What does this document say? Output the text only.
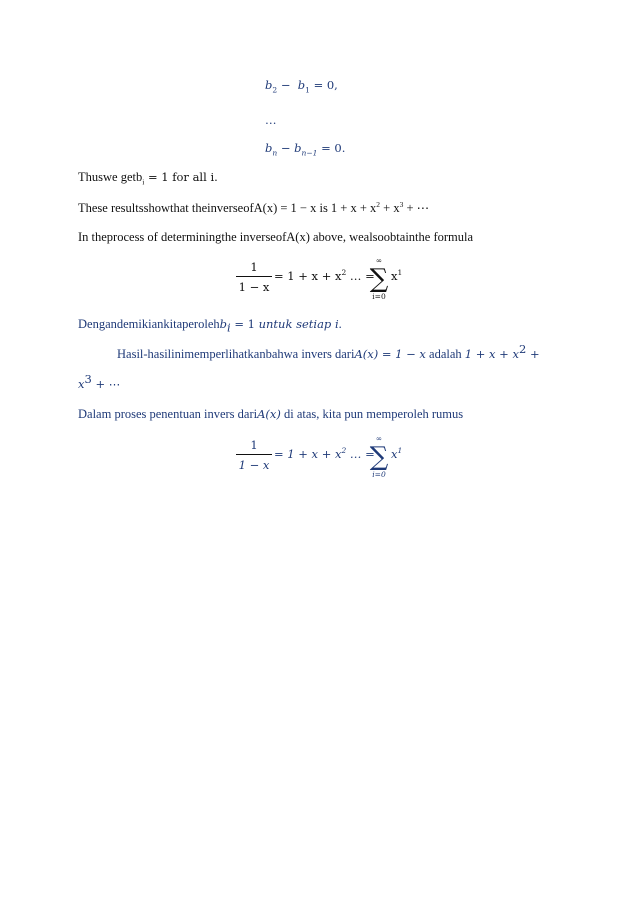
$b_2 - b_1 = 0$,
…
$b_n - b_{n-1} = 0$.
Thuswe getb$_i$ = 1 for all i.
These resultsshowthat theinverseofA(x) = 1 − x is $1 + x + x^2 + x^3$ + ⋯
In theprocess of determiningthe inverseofA(x) above, wealsoobtainthe formula
$\frac{1}{1 - x} = 1 + x + x^2$ … =
∞
∑
i=0
$x^1$
Dengandemikiankitaperolehb$_i$ = 1 untuk setiap i.
Hasil-hasilinimemperlihatkanbahwa invers dariA(x) = 1 − x adalah $1 + x + x^2$ +
$x^3$ + ⋯
Dalam proses penentuan invers dariA(x) di atas, kita pun memperoleh rumus
$\frac{1}{1 - x} = 1 + x + x^2$ … =
∞
∑
i=0
$x^1$
